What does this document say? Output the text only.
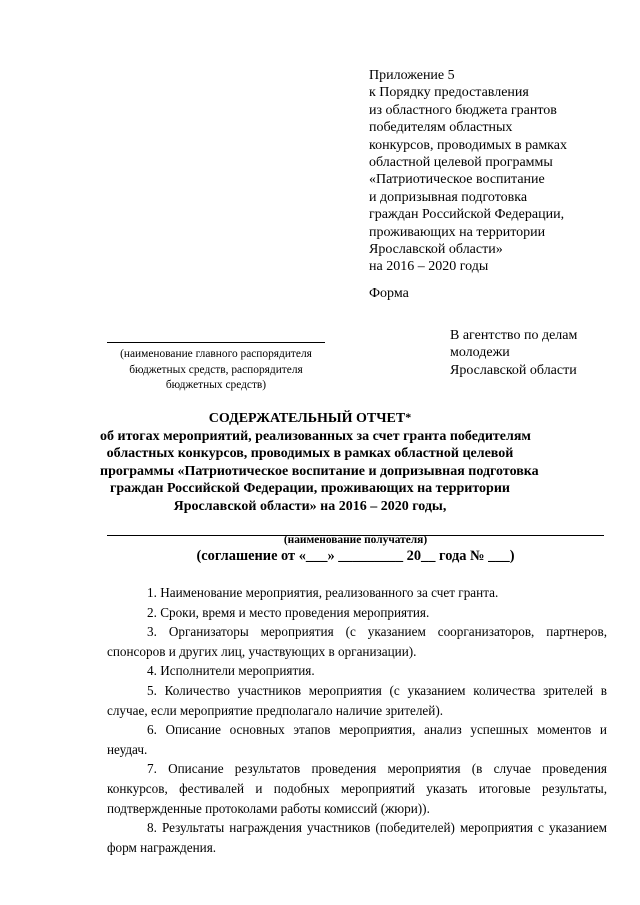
Приложение 5
к Порядку предоставления
из областного бюджета грантов
победителям областных
конкурсов, проводимых в рамках
областной целевой программы
«Патриотическое воспитание
и допризывная подготовка
граждан Российской Федерации,
проживающих на территории
Ярославской области»
на 2016 – 2020 годы
Форма
(наименование главного распорядителя
бюджетных средств, распорядителя
бюджетных средств)
В агентство по делам
молодежи
Ярославской области
СОДЕРЖАТЕЛЬНЫЙ ОТЧЕТ*
об итогах мероприятий, реализованных за счет гранта победителям
областных конкурсов, проводимых в рамках областной целевой
программы «Патриотическое воспитание и допризывная подготовка
граждан Российской Федерации, проживающих на территории
Ярославской области» на 2016 – 2020 годы,
(наименование получателя)
(соглашение от «___» _________ 20__ года № ___)

1. Наименование мероприятия, реализованного за счет гранта.

2. Сроки, время и место проведения мероприятия.

3. Организаторы мероприятия (с указанием соорганизаторов, партнеров, спонсоров и других лиц, участвующих в организации).

4. Исполнители мероприятия.

5. Количество участников мероприятия (с указанием количества зрителей в случае, если мероприятие предполагало наличие зрителей).

6. Описание основных этапов мероприятия, анализ успешных моментов и неудач.

7. Описание результатов проведения мероприятия (в случае проведения конкурсов, фестивалей и подобных мероприятий указать итоговые результаты, подтвержденные протоколами работы комиссий (жюри)).

8. Результаты награждения участников (победителей) мероприятия с указанием форм награждения.
